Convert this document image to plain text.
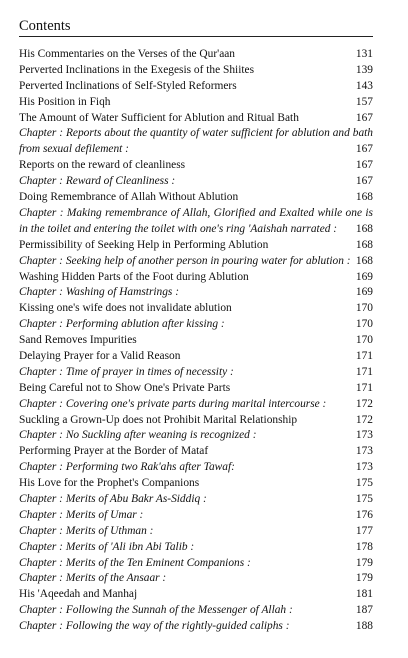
Contents
His Commentaries on the Verses of the Qur'aan	131
Perverted Inclinations in the Exegesis of the Shiites	139
Perverted Inclinations of Self-Styled Reformers	143
His Position in Fiqh	157
The Amount of Water Sufficient for Ablution and Ritual Bath	167
Chapter : Reports about the quantity of water sufficient for ablution and bath from sexual defilement :	167
Reports on the reward of cleanliness	167
Chapter : Reward of Cleanliness :	167
Doing Remembrance of Allah Without Ablution	168
Chapter : Making remembrance of Allah, Glorified and Exalted while one is in the toilet and entering the toilet with one's ring 'Aaishah narrated :	168
Permissibility of Seeking Help in Performing Ablution	168
Chapter : Seeking help of another person in pouring water for ablution : 168
Washing Hidden Parts of the Foot during Ablution	169
Chapter : Washing of Hamstrings :	169
Kissing one's wife does not invalidate ablution	170
Chapter : Performing ablution after kissing :	170
Sand Removes Impurities	170
Delaying Prayer for a Valid Reason	171
Chapter : Time of prayer in times of necessity :	171
Being Careful not to Show One's Private Parts	171
Chapter : Covering one's private parts during marital intercourse :	172
Suckling a Grown-Up does not Prohibit Marital Relationship	172
Chapter : No Suckling after weaning is recognized :	173
Performing Prayer at the Border of Mataf	173
Chapter : Performing two Rak'ahs after Tawaf:	173
His Love for the Prophet's Companions	175
Chapter : Merits of Abu Bakr As-Siddiq :	175
Chapter : Merits of Umar :	176
Chapter : Merits of Uthman :	177
Chapter : Merits of 'Ali ibn Abi Talib :	178
Chapter : Merits of the Ten Eminent Companions :	179
Chapter : Merits of the Ansaar :	179
His 'Aqeedah and Manhaj	181
Chapter : Following the Sunnah of the Messenger of Allah :	187
Chapter : Following the way of the rightly-guided caliphs :	188
